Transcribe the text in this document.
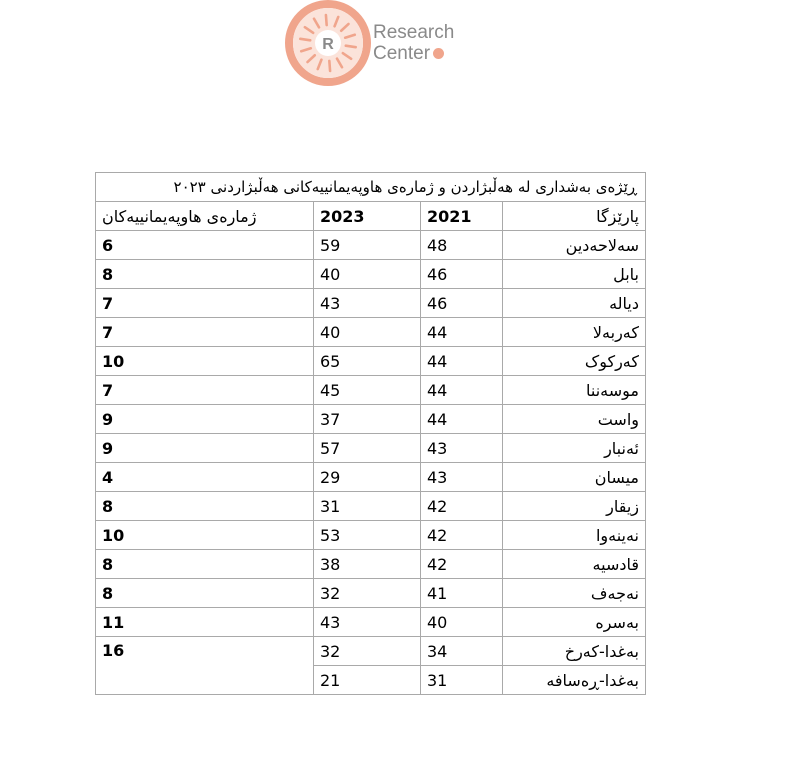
R
Research
Center
ڕێژەی بەشداری لە هەڵبژاردن و ژمارەی هاوپەیمانییەکانی هەڵبژاردنی ٢٠٢٣			
ژمارەی هاوپەیمانییەکان	2023	2021	پارێزگا
6	59	48	سەلاحەدین
8	40	46	بابل
7	43	46	دیالە
7	40	44	کەربەلا
10	65	44	کەرکوک
7	45	44	موسەننا
9	37	44	واست
9	57	43	ئەنبار
4	29	43	میسان
8	31	42	زیقار
10	53	42	نەینەوا
8	38	42	قادسیە
8	32	41	نەجەف
11	43	40	بەسرە
16	32	34	بەغدا-کەرخ
	21	31	بەغدا-ڕەسافە
